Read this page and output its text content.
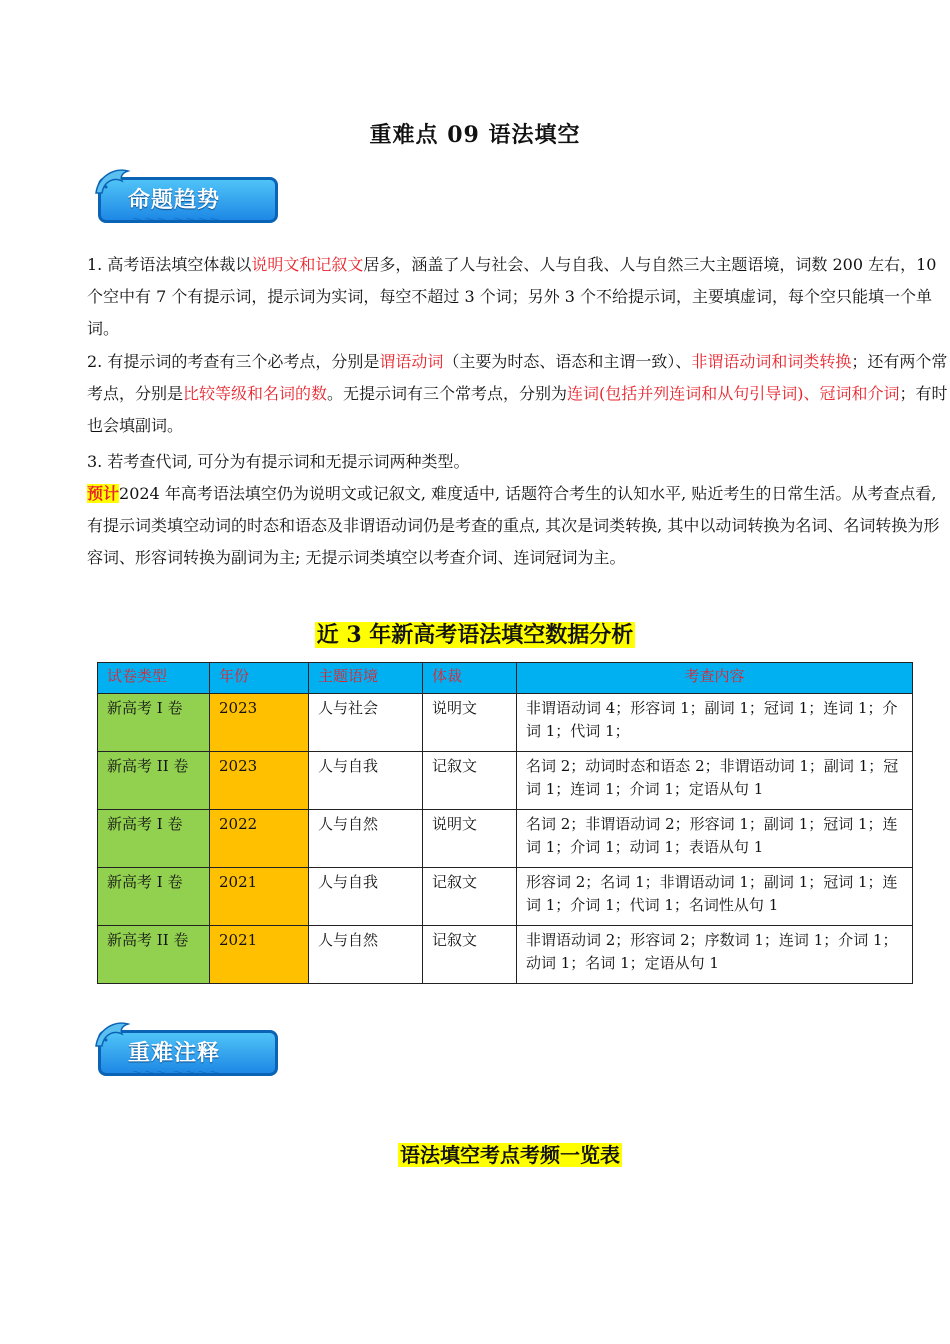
重难点 09 语法填空
命题趋势
〜〜〜 〜〜〜〜
1. 高考语法填空体裁以说明文和记叙文居多，涵盖了人与社会、人与自我、人与自然三大主题语境，词数 200 左右，10 个空中有 7 个有提示词，提示词为实词，每空不超过 3 个词；另外 3 个不给提示词，主要填虚词，每个空只能填一个单词。
2. 有提示词的考查有三个必考点，分别是谓语动词（主要为时态、语态和主谓一致）、非谓语动词和词类转换；还有两个常考点，分别是比较等级和名词的数。无提示词有三个常考点，分别为连词(包括并列连词和从句引导词)、冠词和介词；有时也会填副词。
3. 若考查代词, 可分为有提示词和无提示词两种类型。
预计2024 年高考语法填空仍为说明文或记叙文, 难度适中, 话题符合考生的认知水平, 贴近考生的日常生活。从考查点看, 有提示词类填空动词的时态和语态及非谓语动词仍是考查的重点, 其次是词类转换, 其中以动词转换为名词、名词转换为形容词、形容词转换为副词为主; 无提示词类填空以考查介词、连词冠词为主。
近 3 年新高考语法填空数据分析
试卷类型	年份	主题语境	体裁	考查内容
新高考 I 卷	2023	人与社会	说明文	非谓语动词 4；形容词 1；副词 1；冠词 1；连词 1；介词 1；代词 1；
新高考 II 卷	2023	人与自我	记叙文	名词 2；动词时态和语态 2；非谓语动词 1；副词 1；冠词 1；连词 1；介词 1；定语从句 1
新高考 I 卷	2022	人与自然	说明文	名词 2；非谓语动词 2；形容词 1；副词 1；冠词 1；连词 1；介词 1；动词 1；表语从句 1
新高考 I 卷	2021	人与自我	记叙文	形容词 2；名词 1；非谓语动词 1；副词 1；冠词 1；连词 1；介词 1；代词 1；名词性从句 1
新高考 II 卷	2021	人与自然	记叙文	非谓语动词 2；形容词 2；序数词 1；连词 1；介词 1；动词 1；名词 1；定语从句 1
重难注释
〜〜〜 〜〜〜〜
语法填空考点考频一览表
